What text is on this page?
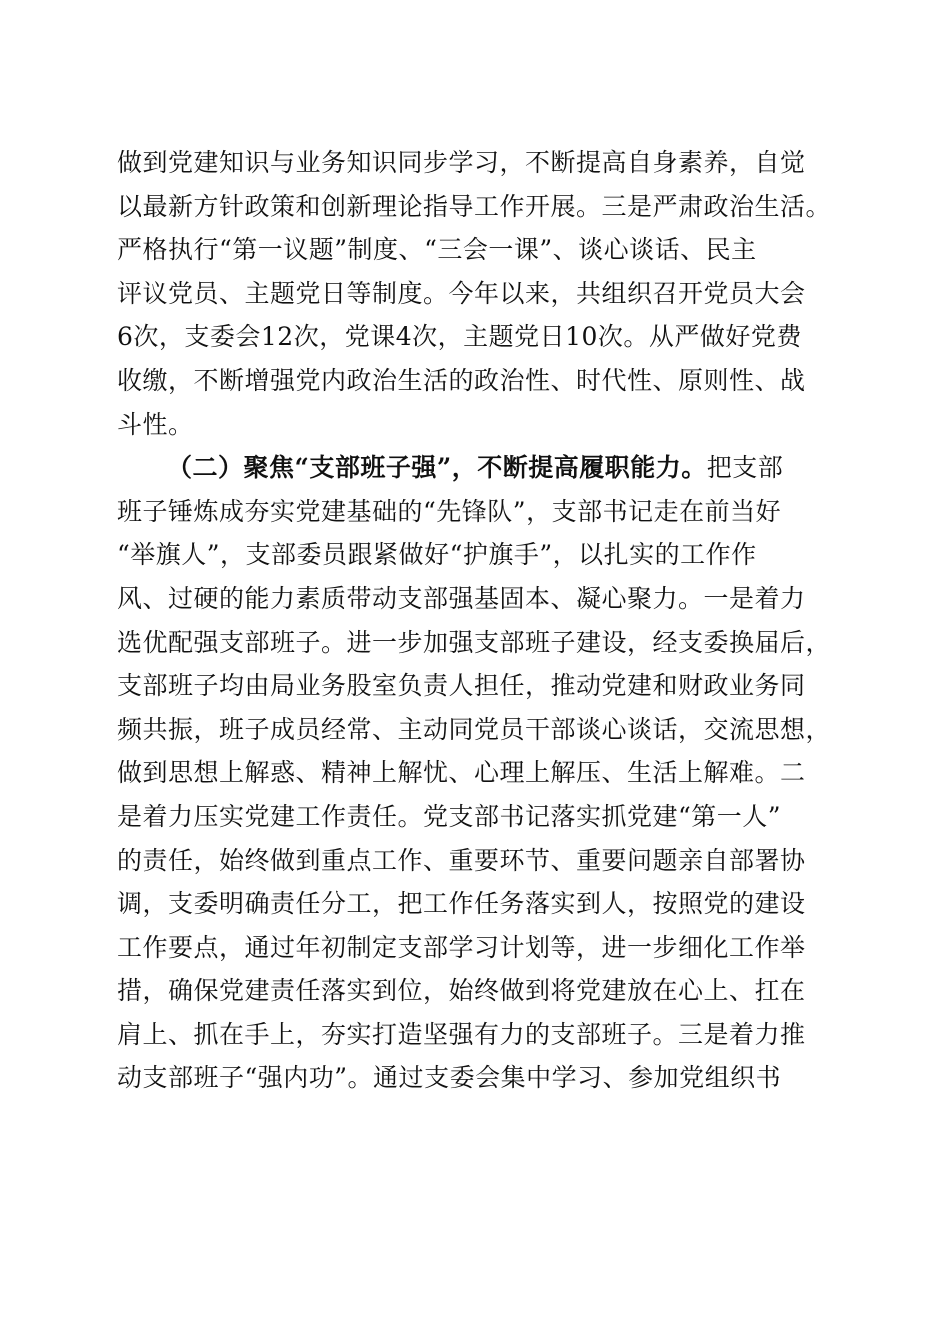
做到党建知识与业务知识同步学习，不断提高自身素养，自觉
以最新方针政策和创新理论指导工作开展。三是严肃政治生活。
严格执行“第一议题”制度、“三会一课”、谈心谈话、民主
评议党员、主题党日等制度。今年以来，共组织召开党员大会
6次，支委会12次，党课4次，主题党日10次。从严做好党费
收缴，不断增强党内政治生活的政治性、时代性、原则性、战
斗性。
（二）聚焦“支部班子强”，不断提高履职能力。把支部
班子锤炼成夯实党建基础的“先锋队”，支部书记走在前当好
“举旗人”，支部委员跟紧做好“护旗手”，以扎实的工作作
风、过硬的能力素质带动支部强基固本、凝心聚力。一是着力
选优配强支部班子。进一步加强支部班子建设，经支委换届后，
支部班子均由局业务股室负责人担任，推动党建和财政业务同
频共振，班子成员经常、主动同党员干部谈心谈话，交流思想，
做到思想上解惑、精神上解忧、心理上解压、生活上解难。二
是着力压实党建工作责任。党支部书记落实抓党建“第一人”
的责任，始终做到重点工作、重要环节、重要问题亲自部署协
调，支委明确责任分工，把工作任务落实到人，按照党的建设
工作要点，通过年初制定支部学习计划等，进一步细化工作举
措，确保党建责任落实到位，始终做到将党建放在心上、扛在
肩上、抓在手上，夯实打造坚强有力的支部班子。三是着力推
动支部班子“强内功”。通过支委会集中学习、参加党组织书
